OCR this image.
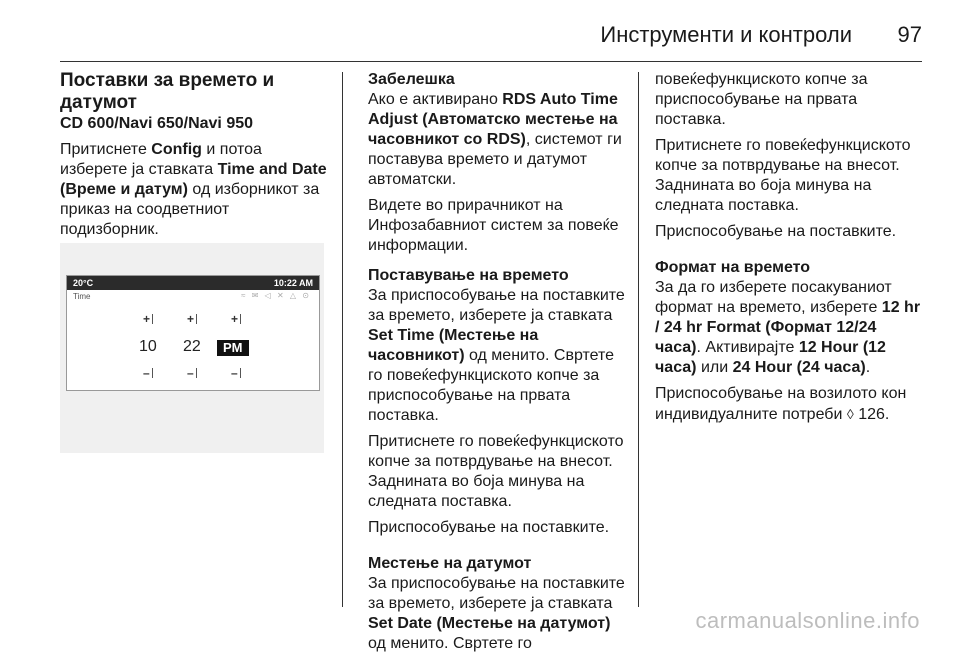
Инструменти и контроли 97
Поставки за времето и датумот
CD 600/Navi 650/Navi 950

Притиснете Config и потоа изберете ја ставката Time and Date (Време и датум) од изборникот за приказ на соодветниот подизборник.

20°C	10:22 AM
Time	≈ ✉ ◁ ✕ △ ⊙
+	+	+
10 22	PM
–	–	–
Забелешка

Ако е активирано RDS Auto Time Adjust (Автоматско местење на часовникот со RDS), системот ги поставува времето и датумот автоматски.

Видете во прирачникот на Инфозабавниот систем за повеќе информации.

Поставување на времето

За приспособување на поставките за времето, изберете ја ставката Set Time (Местење на часовникот) од менито. Свртете го повеќефункциското копче за приспособување на првата поставка.

Притиснете го повеќефункциското копче за потврдување на внесот. Заднината во боја минува на следната поставка.

Приспособување на поставките.

Местење на датумот

За приспособување на поставките за времето, изберете ја ставката Set Date (Местење на датумот) од менито. Свртете го

повеќефункциското копче за приспособување на првата поставка.

Притиснете го повеќефункциското копче за потврдување на внесот. Заднината во боја минува на следната поставка.

Приспособување на поставките.

Формат на времето

За да го изберете посакуваниот формат на времето, изберете 12 hr / 24 hr Format (Формат 12/24 часа). Активирајте 12 Hour (12 часа) или 24 Hour (24 часа).

Приспособување на возилото кон индивидуалните потреби ◊ 126.

carmanualsonline.info
